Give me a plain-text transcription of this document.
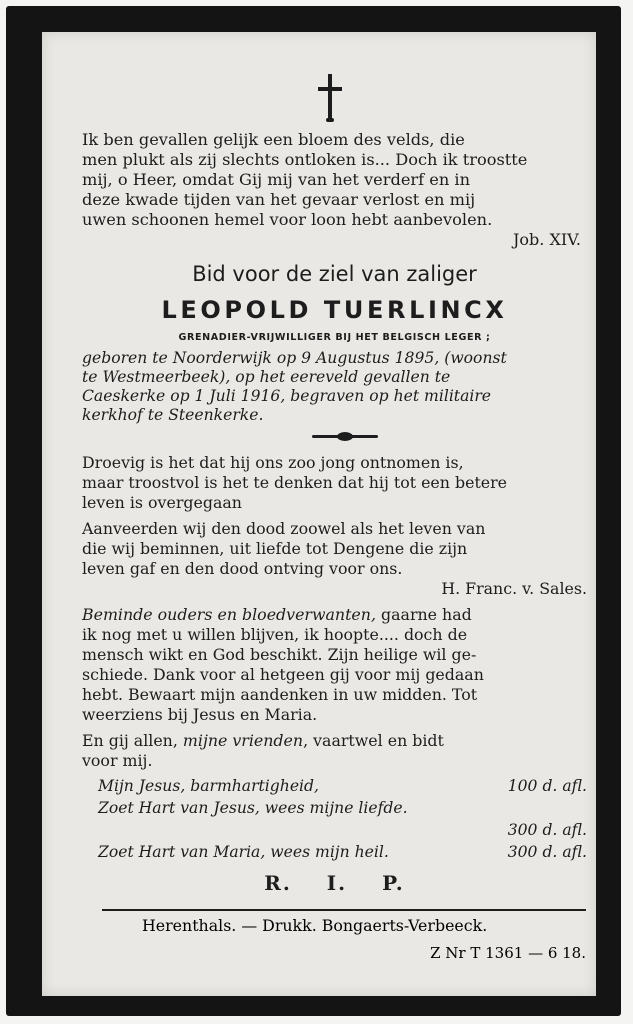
Ik ben gevallen gelijk een bloem des velds, die
men plukt als zij slechts ontloken is... Doch ik troostte
mij, o Heer, omdat Gij mij van het verderf en in
deze kwade tijden van het gevaar verlost en mij
uwen schoonen hemel voor loon hebt aanbevolen.

Job. XIV.

Bid voor de ziel van zaliger

LEOPOLD TUERLINCX

GRENADIER-VRIJWILLIGER BIJ HET BELGISCH LEGER ;

geboren te Noorderwijk op 9 Augustus 1895, (woonst
te Westmeerbeek), op het eereveld gevallen te
Caeskerke op 1 Juli 1916, begraven op het militaire
kerkhof te Steenkerke.
Droevig is het dat hij ons zoo jong ontnomen is,
maar troostvol is het te denken dat hij tot een betere
leven is overgegaan
Aanveerden wij den dood zoowel als het leven van
die wij beminnen, uit liefde tot Dengene die zijn
leven gaf en den dood ontving voor ons.
H. Franc. v. Sales.
Beminde ouders en bloedverwanten, gaarne had
ik nog met u willen blijven, ik hoopte.... doch de
mensch wikt en God beschikt. Zijn heilige wil ge-
schiede. Dank voor al hetgeen gij voor mij gedaan
hebt. Bewaart mijn aandenken in uw midden. Tot
weerziens bij Jesus en Maria.
En gij allen, mijne vrienden, vaartwel en bidt
voor mij.
Mijn Jesus, barmhartigheid,	100 d. afl.
Zoet Hart van Jesus, wees mijne liefde.
300 d. afl.
Zoet Hart van Maria, wees mijn heil.	300 d. afl.

R. I. P.

Herenthals. — Drukk. Bongaerts-Verbeeck.
Z Nr T 1361 — 6 18.
